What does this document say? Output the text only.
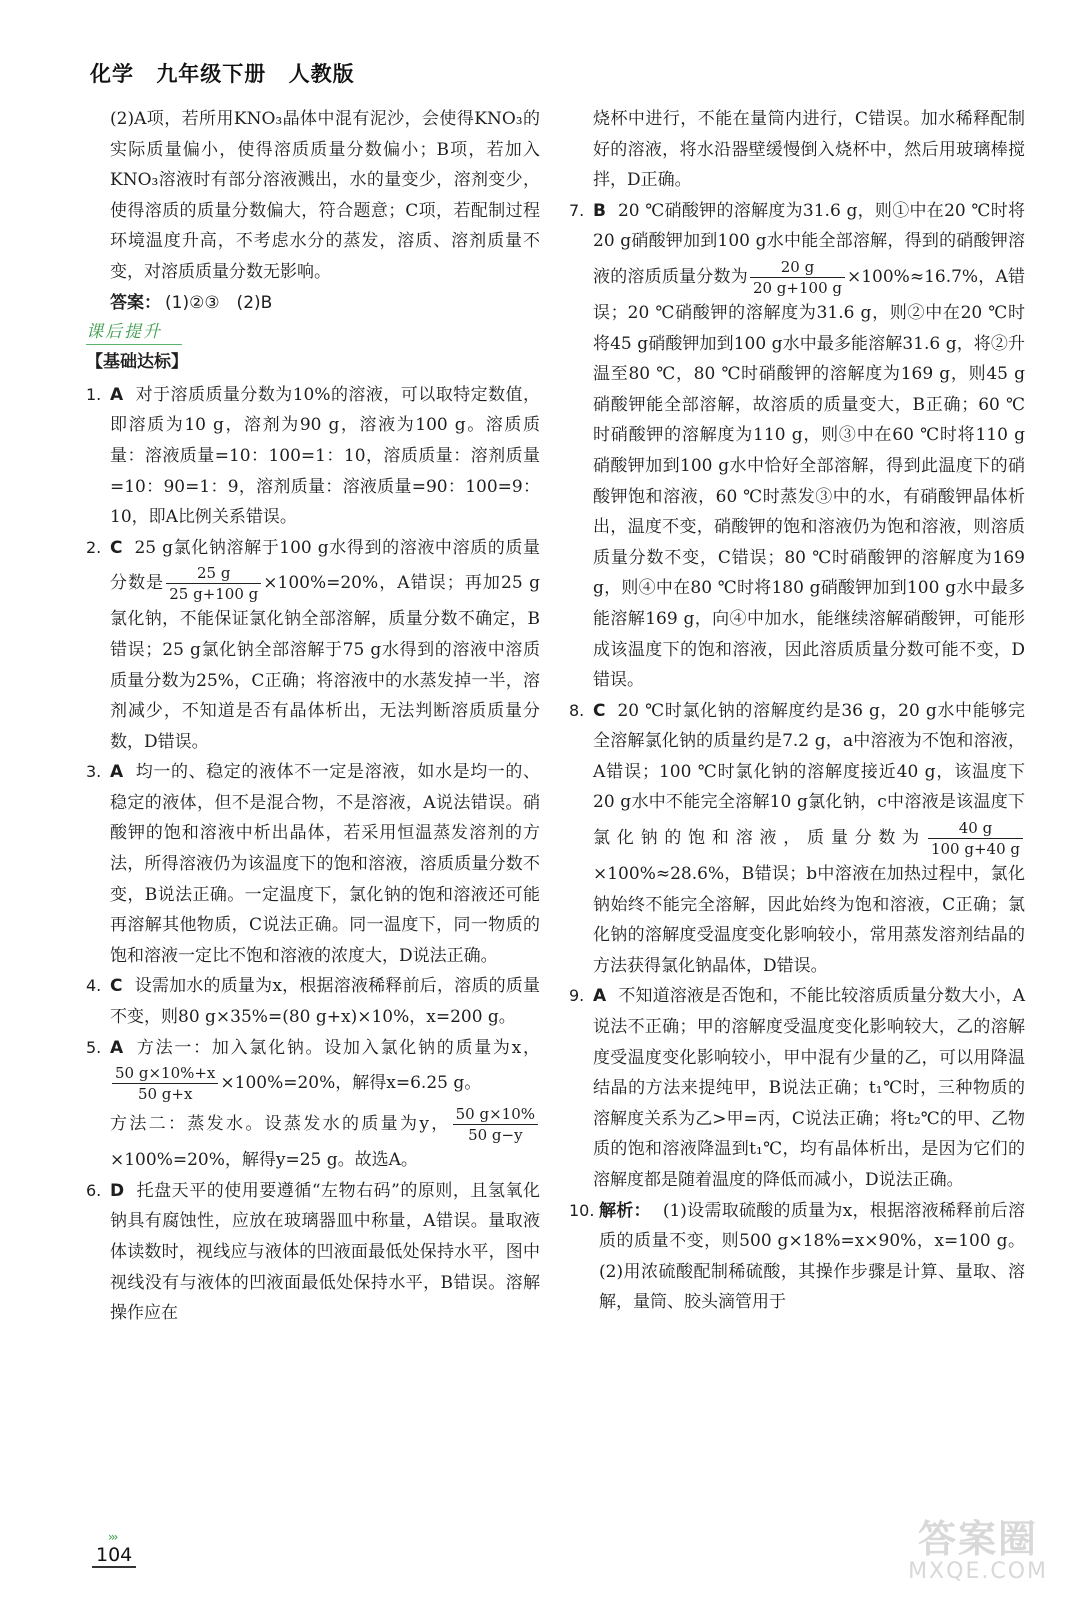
化学 九年级下册 人教版

(2)A项，若所用KNO₃晶体中混有泥沙，会使得KNO₃的实际质量偏小，使得溶质质量分数偏小；B项，若加入KNO₃溶液时有部分溶液溅出，水的量变少，溶剂变少，使得溶质的质量分数偏大，符合题意；C项，若配制过程环境温度升高，不考虑水分的蒸发，溶质、溶剂质量不变，对溶质质量分数无影响。

答案： (1)②③　(2)B

课后提升
【基础达标】

1. A 对于溶质质量分数为10%的溶液，可以取特定数值，即溶质为10 g，溶剂为90 g，溶液为100 g。溶质质量：溶液质量=10：100=1：10，溶质质量：溶剂质量=10：90=1：9，溶剂质量：溶液质量=90：100=9：10，即A比例关系错误。

2. C 25 g氯化钠溶解于100 g水得到的溶液中溶质的质量分数是 $\frac{25 g}{25 g+100 g} \times 100\%=20\%$，A错误；再加25 g氯化钠，不能保证氯化钠全部溶解，质量分数不确定，B错误；25 g氯化钠全部溶解于75 g水得到的溶液中溶质质量分数为25%，C正确；将溶液中的水蒸发掉一半，溶剂减少，不知道是否有晶体析出，无法判断溶质质量分数，D错误。

3. A 均一的、稳定的液体不一定是溶液，如水是均一的、稳定的液体，但不是混合物，不是溶液，A说法错误。硝酸钾的饱和溶液中析出晶体，若采用恒温蒸发溶剂的方法，所得溶液仍为该温度下的饱和溶液，溶质质量分数不变，B说法正确。一定温度下，氯化钠的饱和溶液还可能再溶解其他物质，C说法正确。同一温度下，同一物质的饱和溶液一定比不饱和溶液的浓度大，D说法正确。

4. C 设需加水的质量为x，根据溶液稀释前后，溶质的质量不变，则80 g×35%=(80 g+x)×10%，x=200 g。

5. A 方法一：加入氯化钠。设加入氯化钠的质量为x，
$\frac{50 g\times 10\%+x}{50 g+x} \times 100\%=20\%$，解得x=6.25 g。
方法二：蒸发水。设蒸发水的质量为y， $\frac{50 g\times 10\%}{50 g-y}$
×100%=20%，解得y=25 g。故选A。

6. D 托盘天平的使用要遵循“左物右码”的原则，且氢氧化钠具有腐蚀性，应放在玻璃器皿中称量，A错误。量取液体读数时，视线应与液体的凹液面最低处保持水平，图中视线没有与液体的凹液面最低处保持水平，B错误。溶解操作应在

烧杯中进行，不能在量筒内进行，C错误。加水稀释配制好的溶液，将水沿器壁缓慢倒入烧杯中，然后用玻璃棒搅拌，D正确。

7. B 20 ℃硝酸钾的溶解度为31.6 g，则①中在20 ℃时将20 g硝酸钾加到100 g水中能全部溶解，得到的硝酸钾溶液的溶质质量分数为 $\frac{20 g}{20 g+100 g} \times 100\%\approx 16.7\%$，A错误；20 ℃硝酸钾的溶解度为31.6 g，则②中在20 ℃时将45 g硝酸钾加到100 g水中最多能溶解31.6 g，将②升温至80 ℃，80 ℃时硝酸钾的溶解度为169 g，则45 g硝酸钾能全部溶解，故溶质的质量变大，B正确；60 ℃时硝酸钾的溶解度为110 g，则③中在60 ℃时将110 g硝酸钾加到100 g水中恰好全部溶解，得到此温度下的硝酸钾饱和溶液，60 ℃时蒸发③中的水，有硝酸钾晶体析出，温度不变，硝酸钾的饱和溶液仍为饱和溶液，则溶质质量分数不变，C错误；80 ℃时硝酸钾的溶解度为169 g，则④中在80 ℃时将180 g硝酸钾加到100 g水中最多能溶解169 g，向④中加水，能继续溶解硝酸钾，可能形成该温度下的饱和溶液，因此溶质质量分数可能不变，D错误。

8. C 20 ℃时氯化钠的溶解度约是36 g，20 g水中能够完全溶解氯化钠的质量约是7.2 g，a中溶液为不饱和溶液，A错误；100 ℃时氯化钠的溶解度接近40 g，该温度下20 g水中不能完全溶解10 g氯化钠，c中溶液是该温度下氯化钠的饱和溶液，质量分数为 $\frac{40 g}{100 g+40 g}$
×100%≈28.6%，B错误；b中溶液在加热过程中，氯化钠始终不能完全溶解，因此始终为饱和溶液，C正确；氯化钠的溶解度受温度变化影响较小，常用蒸发溶剂结晶的方法获得氯化钠晶体，D错误。

9. A 不知道溶液是否饱和，不能比较溶质质量分数大小，A说法不正确；甲的溶解度受温度变化影响较大，乙的溶解度受温度变化影响较小，甲中混有少量的乙，可以用降温结晶的方法来提纯甲，B说法正确；t₁℃时，三种物质的溶解度关系为乙>甲=丙，C说法正确；将t₂℃的甲、乙物质的饱和溶液降温到t₁℃，均有晶体析出，是因为它们的溶解度都是随着温度的降低而减小，D说法正确。

10. 解析： (1)设需取硫酸的质量为x，根据溶液稀释前后溶质的质量不变，则500 g×18%=x×90%，x=100 g。(2)用浓硫酸配制稀硫酸，其操作步骤是计算、量取、溶解，量筒、胶头滴管用于

›››
104	答案圈
MXQE.COM
